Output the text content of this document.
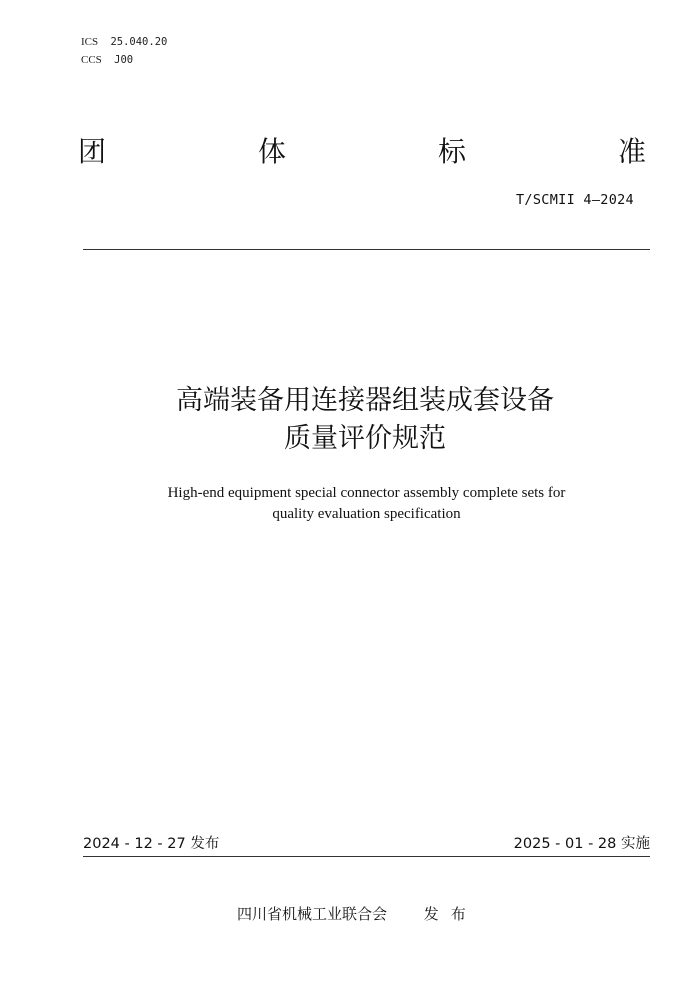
ICS 25.040.20
CCS J00
团	体	标	准
T/SCMII 4—2024
高端装备用连接器组装成套设备
质量评价规范
High-end equipment special connector assembly complete sets for
quality evaluation specification
2024 - 12 - 27 发布	2025 - 01 - 28 实施
四川省机械工业联合会 发布
